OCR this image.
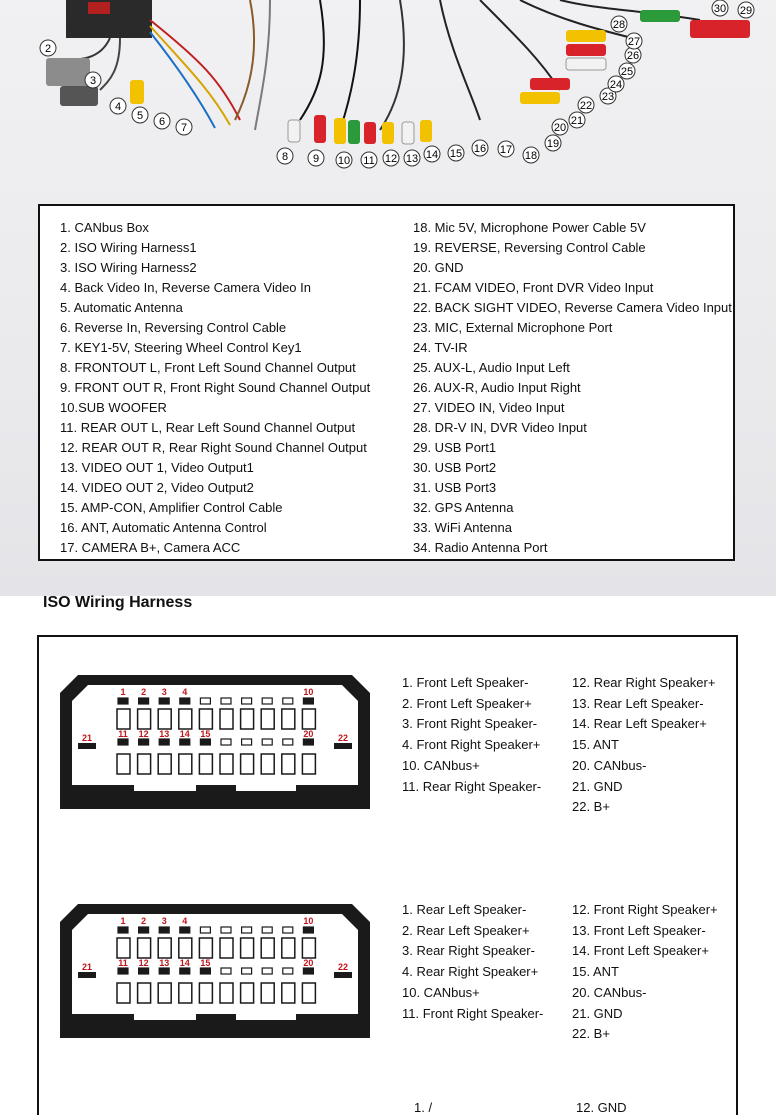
2
3
4
5 6 7
8 9 10 11 12 13 14 15 16 17 18
19
20
21
22
23
24
25
26
27
28
29
30
1. CANbus Box
2. ISO Wiring Harness1
3. ISO Wiring Harness2
4. Back Video In, Reverse Camera Video In
5. Automatic Antenna
6. Reverse In, Reversing Control Cable
7. KEY1-5V, Steering Wheel Control Key1
8. FRONTOUT L, Front Left Sound Channel Output
9. FRONT OUT R, Front Right Sound Channel Output
10.SUB WOOFER
11. REAR OUT L, Rear Left Sound Channel Output
12. REAR OUT R, Rear Right Sound Channel Output
13. VIDEO OUT 1, Video Output1
14. VIDEO OUT 2, Video Output2
15. AMP-CON, Amplifier Control Cable
16. ANT, Automatic Antenna Control
17. CAMERA B+, Camera ACC
18. Mic 5V, Microphone Power Cable 5V
19. REVERSE, Reversing Control Cable
20. GND
21. FCAM VIDEO, Front DVR Video Input
22. BACK SIGHT VIDEO, Reverse Camera Video Input
23. MIC, External Microphone Port
24. TV-IR
25. AUX-L, Audio Input Left
26. AUX-R, Audio Input Right
27. VIDEO IN, Video Input
28. DR-V IN, DVR Video Input
29. USB Port1
30. USB Port2
31. USB Port3
32. GPS Antenna
33. WiFi Antenna
34. Radio Antenna Port
ISO Wiring Harness
1 2 3 4	10
11 12 13 14 15	20
21	22
1. Front Left Speaker-
2. Front Left Speaker+
3. Front Right Speaker-
4. Front Right Speaker+
10. CANbus+
11. Rear Right Speaker-
12. Rear Right Speaker+
13. Rear Left Speaker-
14. Rear Left Speaker+
15. ANT
20. CANbus-
21. GND
22. B+
1 2 3 4	10
11 12 13 14 15	20
21	22
1. Rear Left Speaker-
2. Rear Left Speaker+
3. Rear Right Speaker-
4. Rear Right Speaker+
10. CANbus+
11. Front Right Speaker-
12. Front Right Speaker+
13. Front Left Speaker-
14. Front Left Speaker+
15. ANT
20. CANbus-
21. GND
22. B+
1. /	12. GND
